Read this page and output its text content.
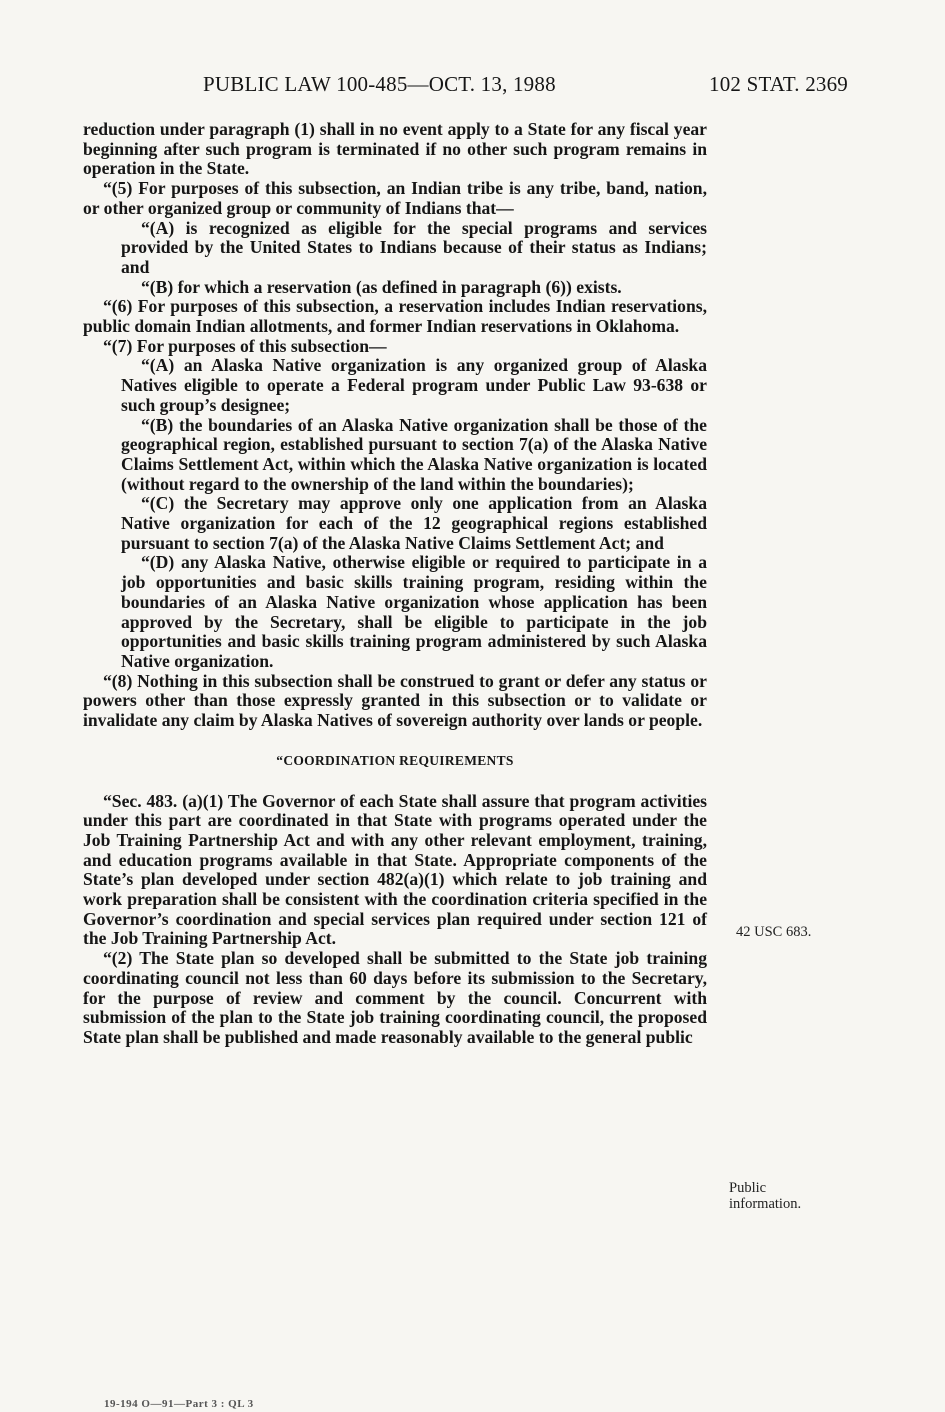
PUBLIC LAW 100-485—OCT. 13, 1988	102 STAT. 2369

reduction under paragraph (1) shall in no event apply to a State for any fiscal year beginning after such program is terminated if no other such program remains in operation in the State.

“(5) For purposes of this subsection, an Indian tribe is any tribe, band, nation, or other organized group or community of Indians that—

“(A) is recognized as eligible for the special programs and services provided by the United States to Indians because of their status as Indians; and

“(B) for which a reservation (as defined in paragraph (6)) exists.

“(6) For purposes of this subsection, a reservation includes Indian reservations, public domain Indian allotments, and former Indian reservations in Oklahoma.

“(7) For purposes of this subsection—

“(A) an Alaska Native organization is any organized group of Alaska Natives eligible to operate a Federal program under Public Law 93-638 or such group’s designee;

“(B) the boundaries of an Alaska Native organization shall be those of the geographical region, established pursuant to section 7(a) of the Alaska Native Claims Settlement Act, within which the Alaska Native organization is located (without regard to the ownership of the land within the boundaries);

“(C) the Secretary may approve only one application from an Alaska Native organization for each of the 12 geographical regions established pursuant to section 7(a) of the Alaska Native Claims Settlement Act; and

“(D) any Alaska Native, otherwise eligible or required to participate in a job opportunities and basic skills training program, residing within the boundaries of an Alaska Native organization whose application has been approved by the Secretary, shall be eligible to participate in the job opportunities and basic skills training program administered by such Alaska Native organization.

“(8) Nothing in this subsection shall be construed to grant or defer any status or powers other than those expressly granted in this subsection or to validate or invalidate any claim by Alaska Natives of sovereign authority over lands or people.

“COORDINATION REQUIREMENTS

“Sec. 483. (a)(1) The Governor of each State shall assure that program activities under this part are coordinated in that State with programs operated under the Job Training Partnership Act and with any other relevant employment, training, and education programs available in that State. Appropriate components of the State’s plan developed under section 482(a)(1) which relate to job training and work preparation shall be consistent with the coordination criteria specified in the Governor’s coordination and special services plan required under section 121 of the Job Training Partnership Act.

“(2) The State plan so developed shall be submitted to the State job training coordinating council not less than 60 days before its submission to the Secretary, for the purpose of review and comment by the council. Concurrent with submission of the plan to the State job training coordinating council, the proposed State plan shall be published and made reasonably available to the general public

42 USC 683.
Public
information.
19-194 O—91—Part 3 : QL 3
